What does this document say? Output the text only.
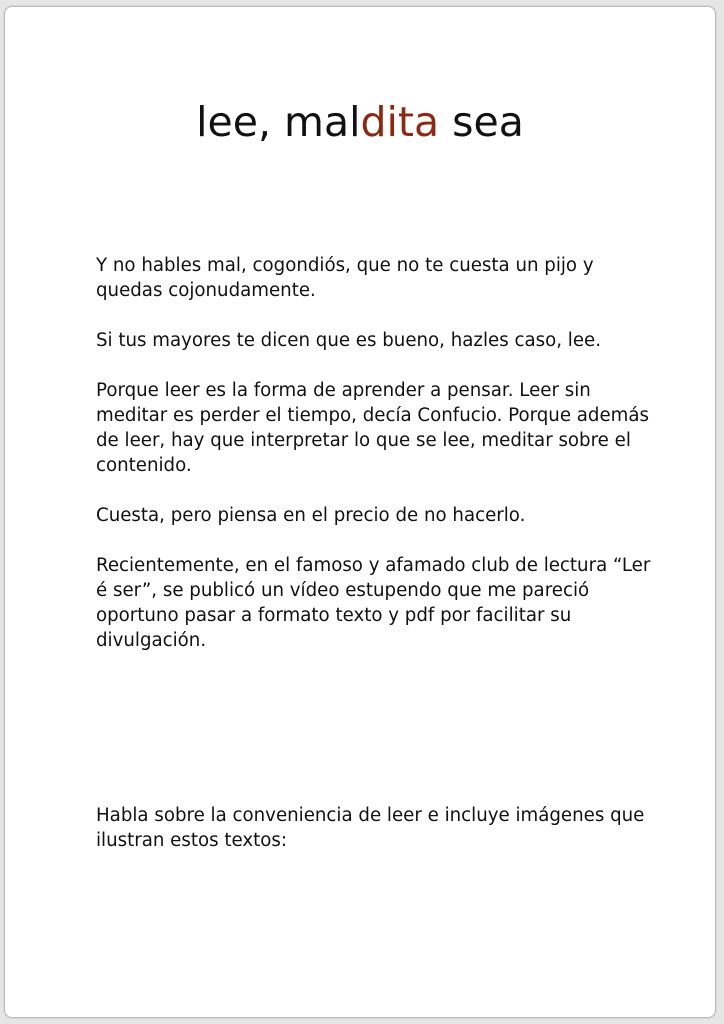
lee, maldita sea

Y no hables mal, cogondiós, que no te cuesta un pijo y quedas cojonudamente.

Si tus mayores te dicen que es bueno, hazles caso, lee.

Porque leer es la forma de aprender a pensar. Leer sin meditar es perder el tiempo, decía Confucio. Porque además de leer, hay que interpretar lo que se lee, meditar sobre el contenido.

Cuesta, pero piensa en el precio de no hacerlo.

Recientemente, en el famoso y afamado club de lectura “Ler é ser”, se publicó un vídeo estupendo que me pareció oportuno pasar a formato texto y pdf por facilitar su divulgación.

Habla sobre la conveniencia de leer e incluye imágenes que ilustran estos textos:
